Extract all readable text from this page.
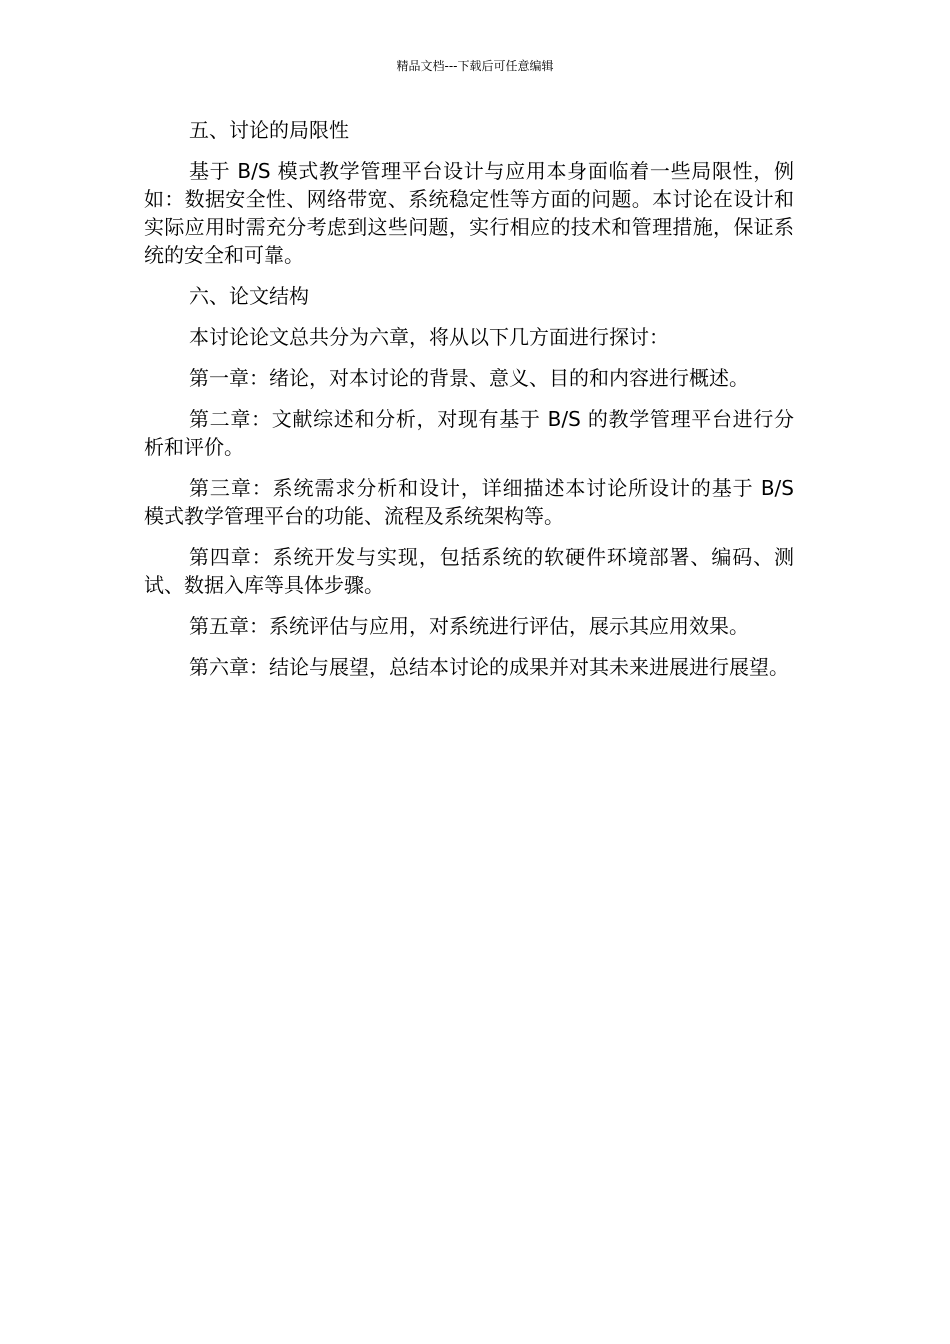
精品文档---下载后可任意编辑

五、讨论的局限性

基于 B/S 模式教学管理平台设计与应用本身面临着一些局限性，例如：数据安全性、网络带宽、系统稳定性等方面的问题。本讨论在设计和实际应用时需充分考虑到这些问题，实行相应的技术和管理措施，保证系统的安全和可靠。

六、论文结构

本讨论论文总共分为六章，将从以下几方面进行探讨：

第一章：绪论，对本讨论的背景、意义、目的和内容进行概述。

第二章：文献综述和分析，对现有基于 B/S 的教学管理平台进行分析和评价。

第三章：系统需求分析和设计，详细描述本讨论所设计的基于 B/S 模式教学管理平台的功能、流程及系统架构等。

第四章：系统开发与实现，包括系统的软硬件环境部署、编码、测试、数据入库等具体步骤。

第五章：系统评估与应用，对系统进行评估，展示其应用效果。

第六章：结论与展望，总结本讨论的成果并对其未来进展进行展望。
